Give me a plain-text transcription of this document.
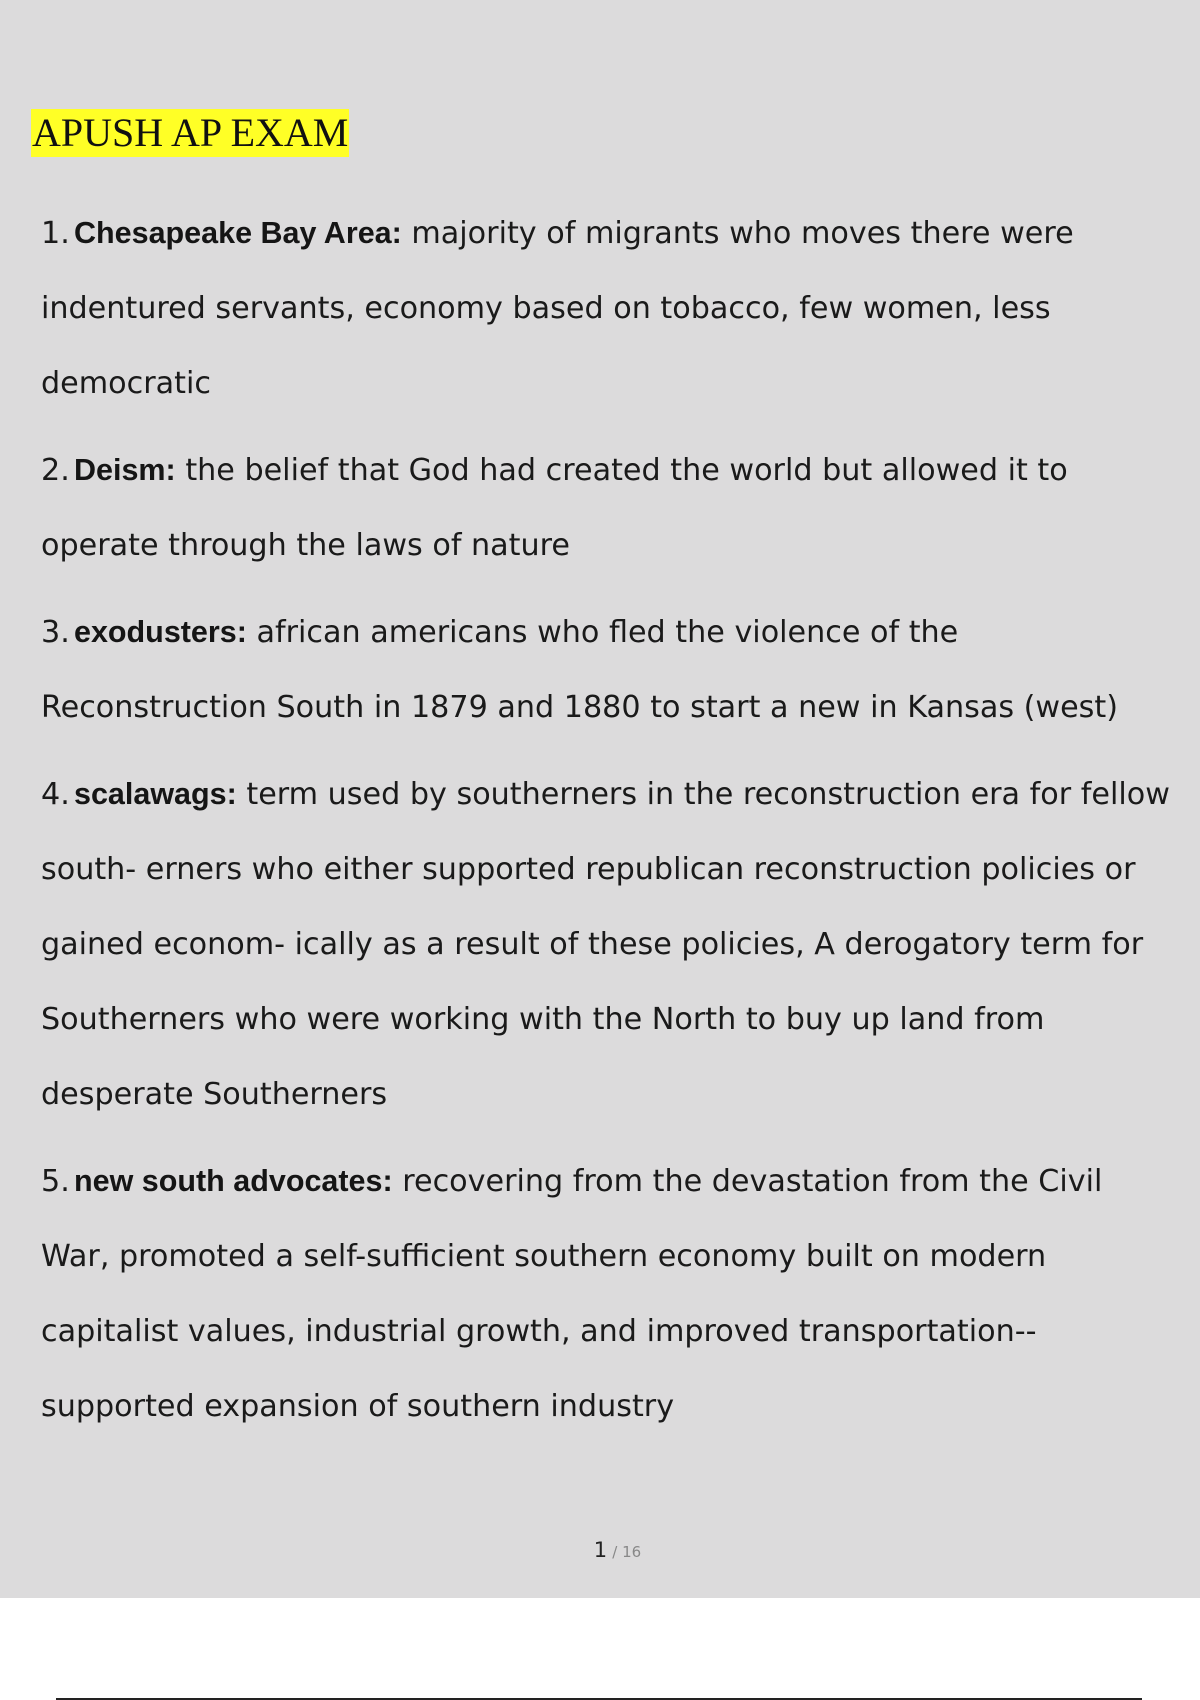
APUSH AP EXAM
1. Chesapeake Bay Area: majority of migrants who moves there were indentured servants, economy based on tobacco, few women, less democratic
2. Deism: the belief that God had created the world but allowed it to operate through the laws of nature
3. exodusters: african americans who fled the violence of the Reconstruction South in 1879 and 1880 to start a new in Kansas (west)
4. scalawags: term used by southerners in the reconstruction era for fellow south- erners who either supported republican reconstruction policies or gained econom- ically as a result of these policies, A derogatory term for Southerners who were working with the North to buy up land from desperate Southerners
5. new south advocates: recovering from the devastation from the Civil War, promoted a self-sufficient southern economy built on modern capitalist values, industrial growth, and improved transportation--supported expansion of southern industry
1 / 16
